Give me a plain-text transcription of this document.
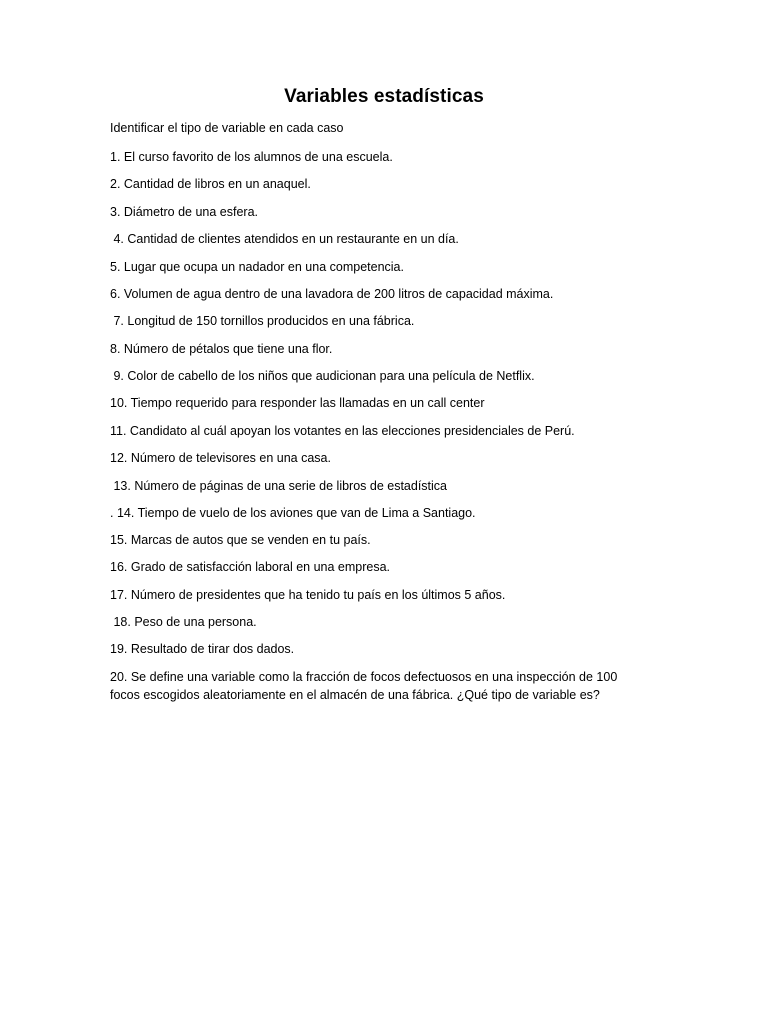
Variables estadísticas
Identificar el tipo de variable en cada caso
1. El curso favorito de los alumnos de una escuela.
2. Cantidad de libros en un anaquel.
3. Diámetro de una esfera.
4. Cantidad de clientes atendidos en un restaurante en un día.
5. Lugar que ocupa un nadador en una competencia.
6. Volumen de agua dentro de una lavadora de 200 litros de capacidad máxima.
7. Longitud de 150 tornillos producidos en una fábrica.
8. Número de pétalos que tiene una flor.
9. Color de cabello de los niños que audicionan para una película de Netflix.
10. Tiempo requerido para responder las llamadas en un call center
11. Candidato al cuál apoyan los votantes en las elecciones presidenciales de Perú.
12. Número de televisores en una casa.
13. Número de páginas de una serie de libros de estadística
. 14. Tiempo de vuelo de los aviones que van de Lima a Santiago.
15. Marcas de autos que se venden en tu país.
16. Grado de satisfacción laboral en una empresa.
17. Número de presidentes que ha tenido tu país en los últimos 5 años.
18. Peso de una persona.
19. Resultado de tirar dos dados.
20. Se define una variable como la fracción de focos defectuosos en una inspección de 100 focos escogidos aleatoriamente en el almacén de una fábrica. ¿Qué tipo de variable es?
